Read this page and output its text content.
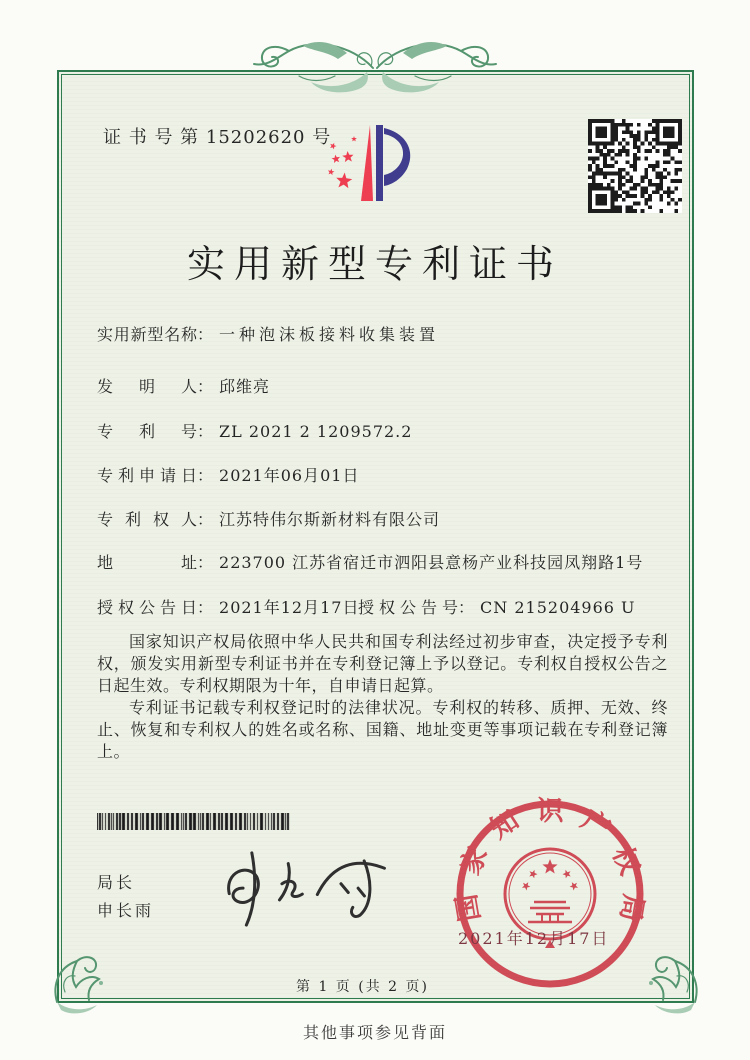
证 书 号 第 15202620 号
实用新型专利证书
实用新型名称： 一种泡沫板接料收集装置
发明人： 邱维亮
专利号： ZL 2021 2 1209572.2
专利申请日： 2021年06月01日
专利权人： 江苏特伟尔斯新材料有限公司
地址： 223700 江苏省宿迁市泗阳县意杨产业科技园凤翔路1号
授权公告日： 2021年12月17日
授权公告号： CN 215204966 U

国家知识产权局依照中华人民共和国专利法经过初步审查，决定授予专利权，颁发实用新型专利证书并在专利登记簿上予以登记。专利权自授权公告之日起生效。专利权期限为十年，自申请日起算。

专利证书记载专利权登记时的法律状况。专利权的转移、质押、无效、终止、恢复和专利权人的姓名或名称、国籍、地址变更等事项记载在专利登记簿上。

局长
申长雨	国家知识产权局
2021年12月17日
第 1 页 (共 2 页)
其他事项参见背面
